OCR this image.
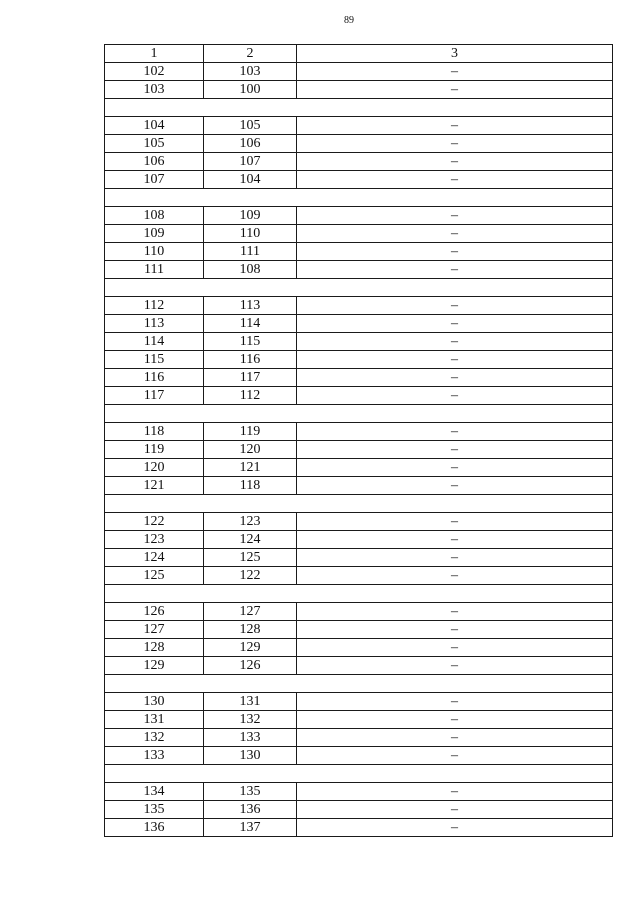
89
1	2	3
102	103	–
103	100	–

104	105	–
105	106	–
106	107	–
107	104	–

108	109	–
109	110	–
110	111	–
111	108	–

112	113	–
113	114	–
114	115	–
115	116	–
116	117	–
117	112	–

118	119	–
119	120	–
120	121	–
121	118	–

122	123	–
123	124	–
124	125	–
125	122	–

126	127	–
127	128	–
128	129	–
129	126	–

130	131	–
131	132	–
132	133	–
133	130	–

134	135	–
135	136	–
136	137	–
